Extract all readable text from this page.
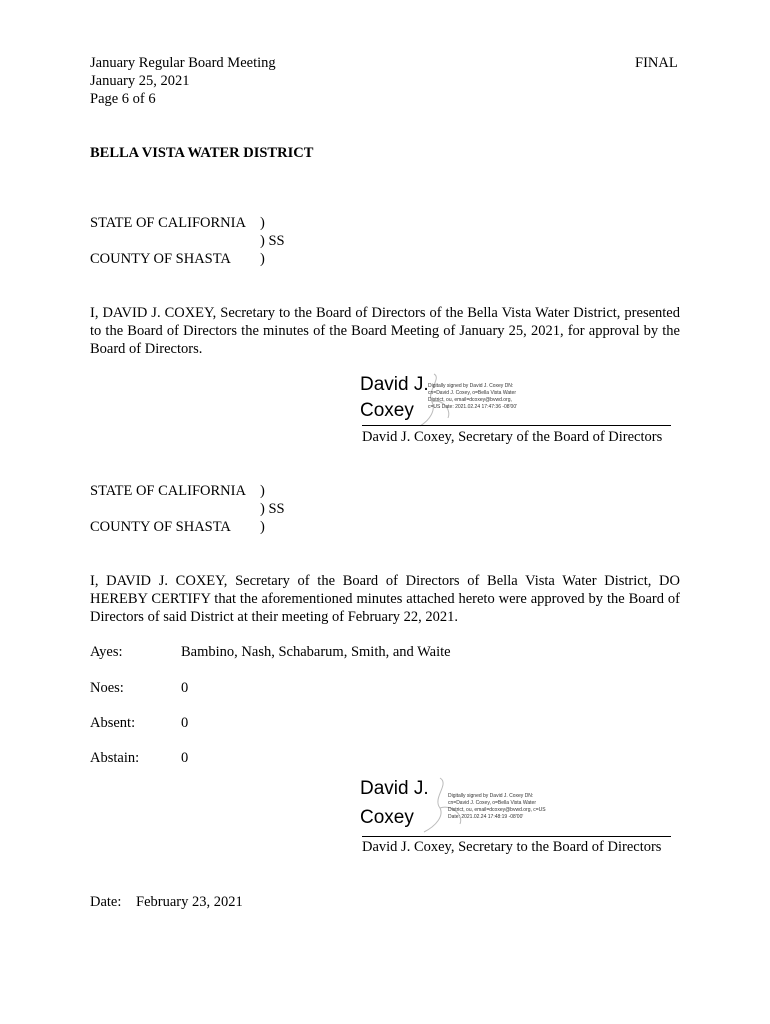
January Regular Board Meeting
January 25, 2021
Page 6 of 6
FINAL
BELLA VISTA WATER DISTRICT
STATE OF CALIFORNIA )
) SS
COUNTY OF SHASTA )
I, DAVID J. COXEY, Secretary to the Board of Directors of the Bella Vista Water District, presented to the Board of Directors the minutes of the Board Meeting of January 25, 2021, for approval by the Board of Directors.
David J.
Coxey
Digitally signed by David J. Coxey DN: cn=David J. Coxey, o=Bella Vista Water District, ou, email=dcoxey@bvwd.org, c=US Date: 2021.02.24 17:47:36 -08'00'
David J. Coxey, Secretary of the Board of Directors
STATE OF CALIFORNIA )
) SS
COUNTY OF SHASTA )
I, DAVID J. COXEY, Secretary of the Board of Directors of Bella Vista Water District, DO HEREBY CERTIFY that the aforementioned minutes attached hereto were approved by the Board of Directors of said District at their meeting of February 22, 2021.
Ayes:	Bambino, Nash, Schabarum, Smith, and Waite
Noes:	0
Absent:	0
Abstain:	0
David J.
Coxey
Digitally signed by David J. Coxey DN: cn=David J. Coxey, o=Bella Vista Water District, ou, email=dcoxey@bvwd.org, c=US Date: 2021.02.24 17:48:19 -08'00'
David J. Coxey, Secretary to the Board of Directors
Date: February 23, 2021
